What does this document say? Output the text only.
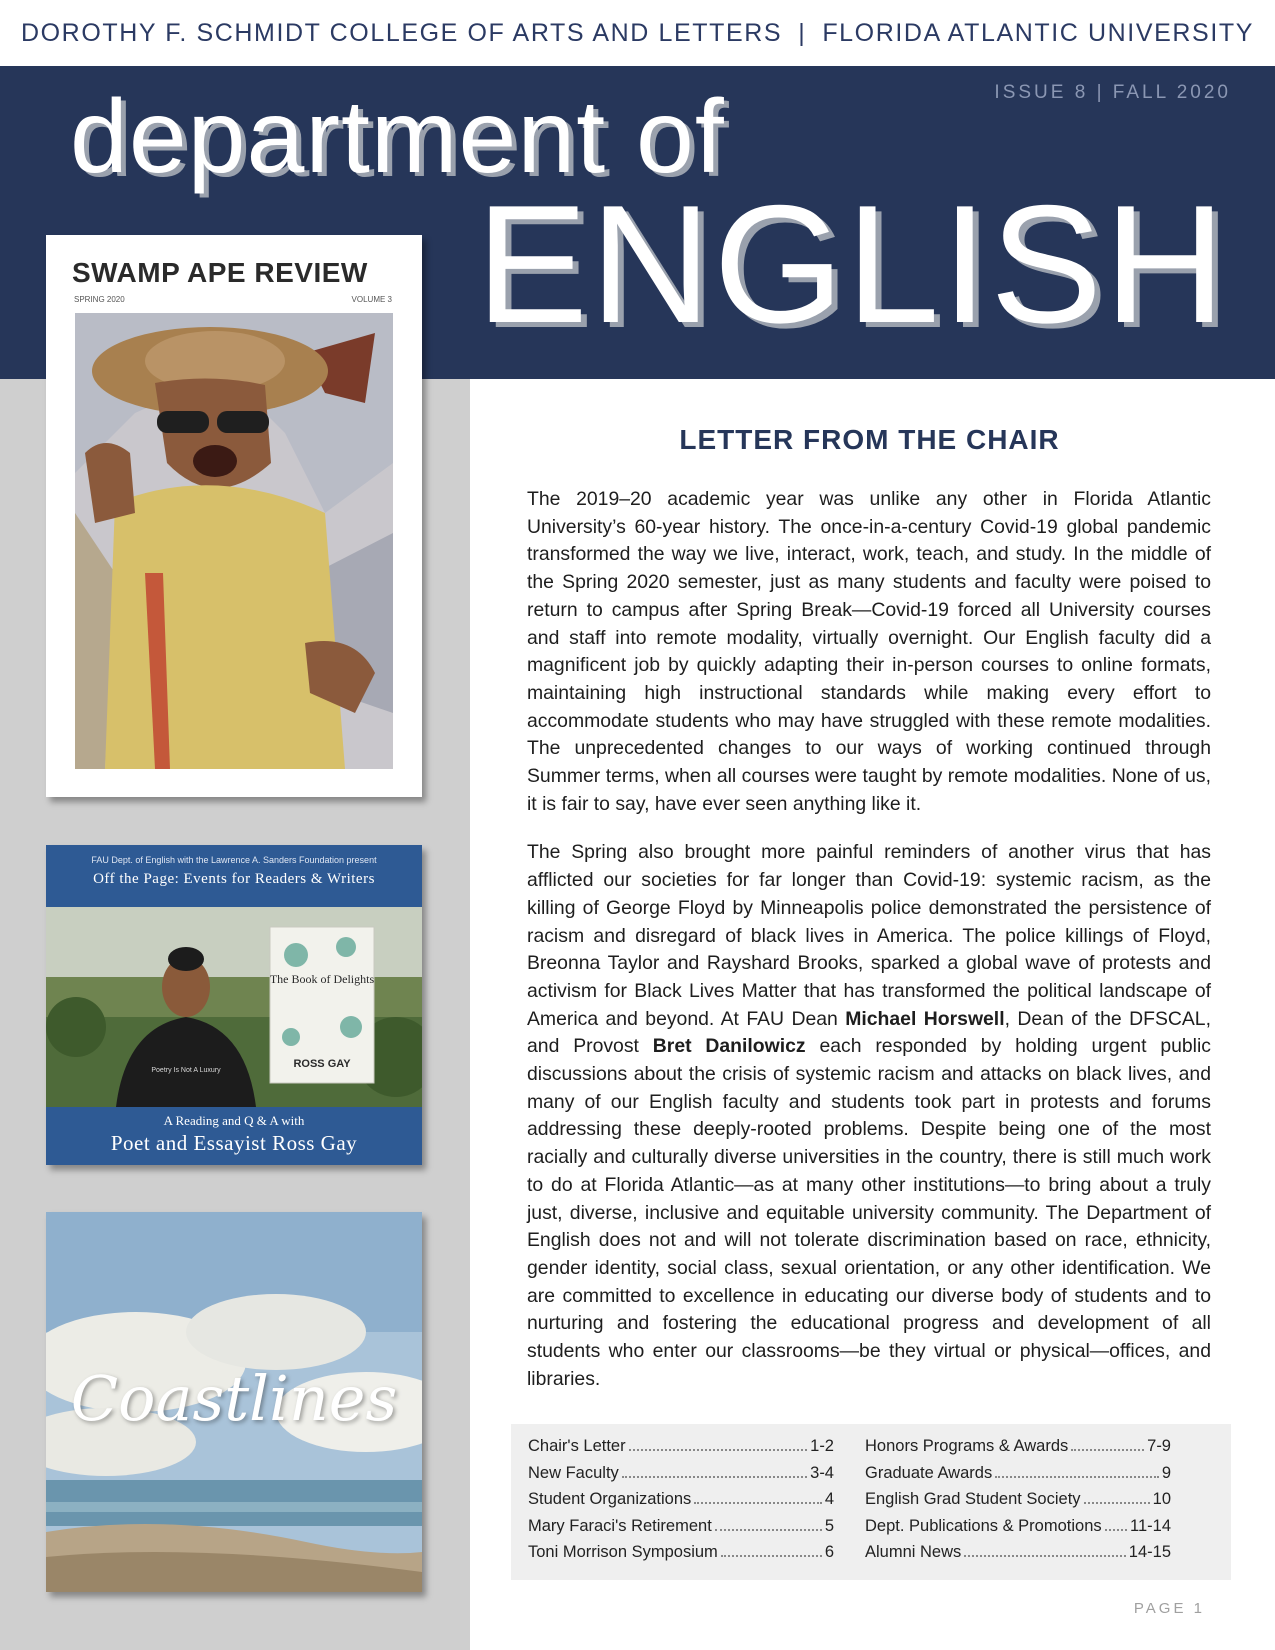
DOROTHY F. SCHMIDT COLLEGE OF ARTS AND LETTERS | FLORIDA ATLANTIC UNIVERSITY
ISSUE 8 | FALL 2020
department of
ENGLISH
SWAMP APE REVIEW
SPRING 2020	VOLUME 3
FAU Dept. of English with the Lawrence A. Sanders Foundation present
Off the Page: Events for Readers & Writers
The Book of Delights
ROSS GAY
Poetry Is Not A Luxury
A Reading and Q & A with
Poet and Essayist Ross Gay
Coastlines
LETTER FROM THE CHAIR

The 2019–20 academic year was unlike any other in Florida Atlantic University’s 60-year history. The once-in-a-century Covid-19 global pandemic transformed the way we live, interact, work, teach, and study. In the middle of the Spring 2020 semester, just as many students and faculty were poised to return to campus after Spring Break—Covid-19 forced all University courses and staff into remote modality, virtually overnight. Our English faculty did a magnificent job by quickly adapting their in-person courses to online formats, maintaining high instructional standards while making every effort to accommodate students who may have struggled with these remote modalities. The unprecedented changes to our ways of working continued through Summer terms, when all courses were taught by remote modalities. None of us, it is fair to say, have ever seen anything like it.

The Spring also brought more painful reminders of another virus that has afflicted our societies for far longer than Covid-19: systemic racism, as the killing of George Floyd by Minneapolis police demonstrated the persistence of racism and disregard of black lives in America. The police killings of Floyd, Breonna Taylor and Rayshard Brooks, sparked a global wave of protests and activism for Black Lives Matter that has transformed the political landscape of America and beyond. At FAU Dean Michael Horswell, Dean of the DFSCAL, and Provost Bret Danilowicz each responded by holding urgent public discussions about the crisis of systemic racism and attacks on black lives, and many of our English faculty and students took part in protests and forums addressing these deeply-rooted problems. Despite being one of the most racially and culturally diverse universities in the country, there is still much work to do at Florida Atlantic—as at many other institutions—to bring about a truly just, diverse, inclusive and equitable university community. The Department of English does not and will not tolerate discrimination based on race, ethnicity, gender identity, social class, sexual orientation, or any other identification. We are committed to excellence in educating our diverse body of students and to nurturing and fostering the educational progress and development of all students who enter our classrooms—be they virtual or physical—offices, and libraries.

Chair's Letter	1-2
New Faculty	3-4
Student Organizations	4
Mary Faraci's Retirement	5
Toni Morrison Symposium	6
Honors Programs & Awards	7-9
Graduate Awards	9
English Grad Student Society	10
Dept. Publications & Promotions 11-14
Alumni News	14-15
PAGE 1
